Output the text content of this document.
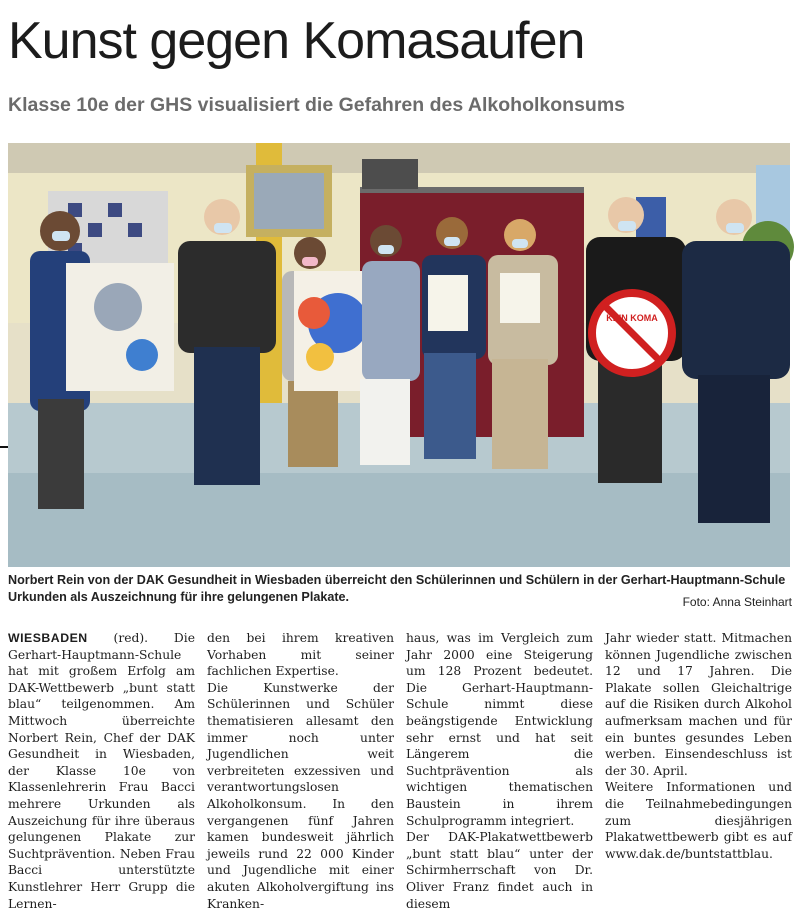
Kunst gegen Komasaufen
Klasse 10e der GHS visualisiert die Gefahren des Alkoholkonsums
KEIN KOMA

Norbert Rein von der DAK Gesundheit in Wiesbaden überreicht den Schülerinnen und Schülern in der Gerhart-Hauptmann-Schule Urkunden als Auszeichnung für ihre gelungenen Plakate.	Foto: Anna Steinhart

WIESBADEN (red). Die Gerhart-Hauptmann-Schule hat mit großem Erfolg am DAK-Wettbewerb „bunt statt blau“ teilgenommen. Am Mittwoch überreichte Norbert Rein, Chef der DAK Gesundheit in Wiesbaden, der Klasse 10e von Klassenlehrerin Frau Bacci mehrere Urkunden als Auszeichung für ihre überaus gelungenen Plakate zur Suchtprävention. Neben Frau Bacci unterstützte Kunstlehrer Herr Grupp die Lernen-

den bei ihrem kreativen Vorhaben mit seiner fachlichen Expertise.

Die Kunstwerke der Schülerinnen und Schüler thematisieren allesamt den immer noch unter Jugendlichen weit verbreiteten exzessiven und verantwortungslosen Alkoholkonsum. In den vergangenen fünf Jahren kamen bundesweit jährlich jeweils rund 22 000 Kinder und Jugendliche mit einer akuten Alkoholvergiftung ins Kranken-

haus, was im Vergleich zum Jahr 2000 eine Steigerung um 128 Prozent bedeutet. Die Gerhart-Hauptmann-Schule nimmt diese beängstigende Entwicklung sehr ernst und hat seit Längerem die Suchtprävention als wichtigen thematischen Baustein in ihrem Schulprogramm integriert.

Der DAK-Plakatwettbewerb „bunt statt blau“ unter der Schirmherrschaft von Dr. Oliver Franz findet auch in diesem

Jahr wieder statt. Mitmachen können Jugendliche zwischen 12 und 17 Jahren. Die Plakate sollen Gleichaltrige auf die Risiken durch Alkohol aufmerksam machen und für ein buntes gesundes Leben werben. Einsendeschluss ist der 30. April.

Weitere Informationen und die Teilnahmebedingungen zum diesjährigen Plakatwettbewerb gibt es auf www.dak.de/buntstattblau.
